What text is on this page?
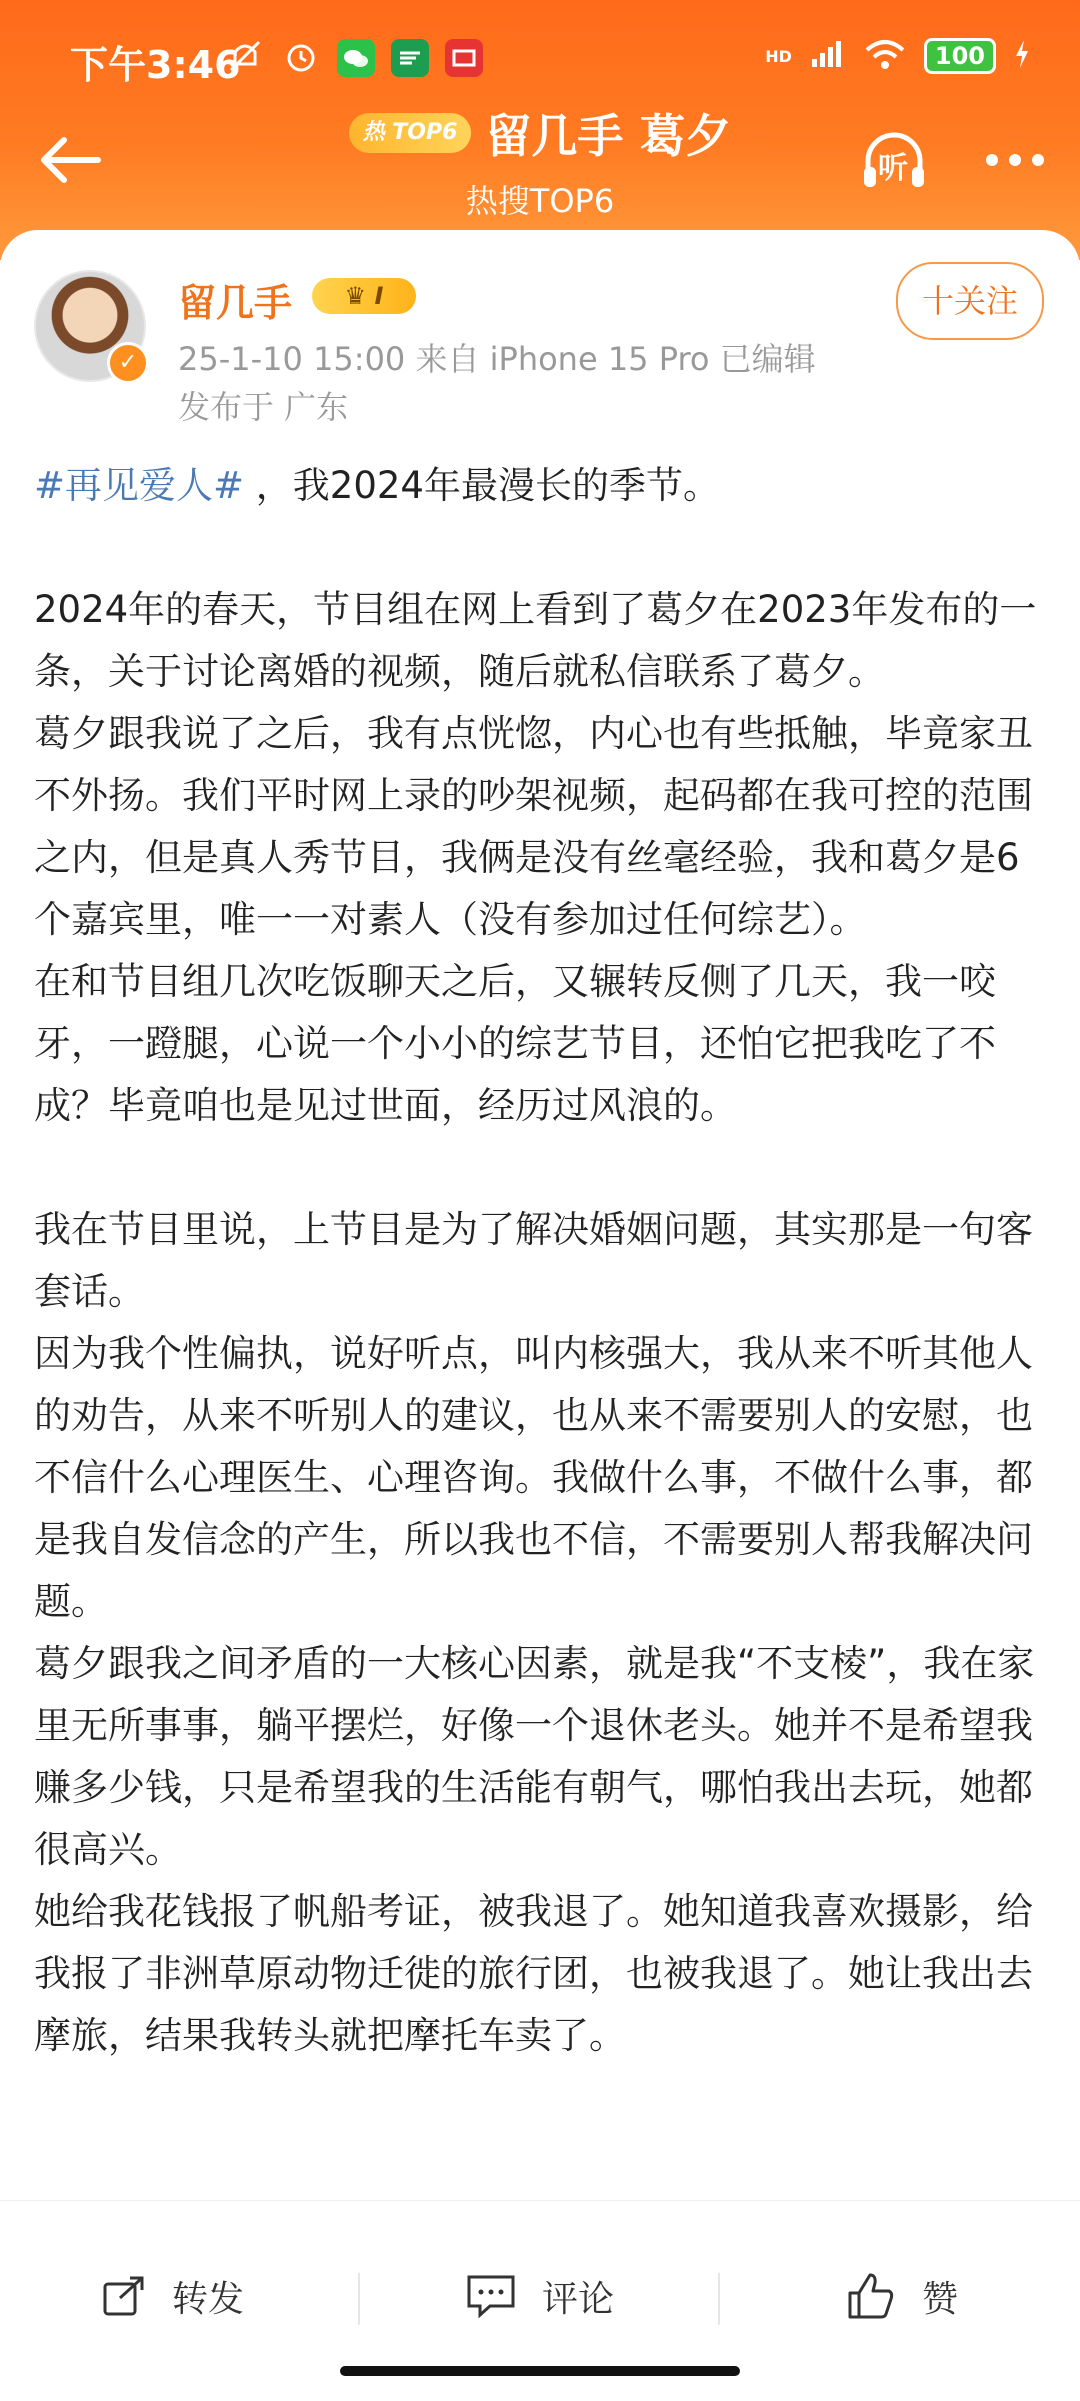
下午3:46	HD	100
热 TOP6 留几手 葛夕
热搜TOP6
听
✓
留几手	♛ I
25-1-10 15:00 来自 iPhone 15 Pro 已编辑
发布于 广东
十关注
#再见爱人# ，我2024年最漫长的季节。

2024年的春天，节目组在网上看到了葛夕在2023年发布的一条，关于讨论离婚的视频，随后就私信联系了葛夕。
葛夕跟我说了之后，我有点恍惚，内心也有些抵触，毕竟家丑不外扬。我们平时网上录的吵架视频，起码都在我可控的范围之内，但是真人秀节目，我俩是没有丝毫经验，我和葛夕是6个嘉宾里，唯一一对素人（没有参加过任何综艺）。
在和节目组几次吃饭聊天之后，又辗转反侧了几天，我一咬牙，一蹬腿，心说一个小小的综艺节目，还怕它把我吃了不成？毕竟咱也是见过世面，经历过风浪的。

我在节目里说，上节目是为了解决婚姻问题，其实那是一句客套话。
因为我个性偏执，说好听点，叫内核强大，我从来不听其他人的劝告，从来不听别人的建议，也从来不需要别人的安慰，也不信什么心理医生、心理咨询。我做什么事，不做什么事，都是我自发信念的产生，所以我也不信，不需要别人帮我解决问题。
葛夕跟我之间矛盾的一大核心因素，就是我“不支棱”，我在家里无所事事，躺平摆烂，好像一个退休老头。她并不是希望我赚多少钱，只是希望我的生活能有朝气，哪怕我出去玩，她都很高兴。
她给我花钱报了帆船考证，被我退了。她知道我喜欢摄影，给我报了非洲草原动物迁徙的旅行团，也被我退了。她让我出去摩旅，结果我转头就把摩托车卖了。
转发	评论	赞
